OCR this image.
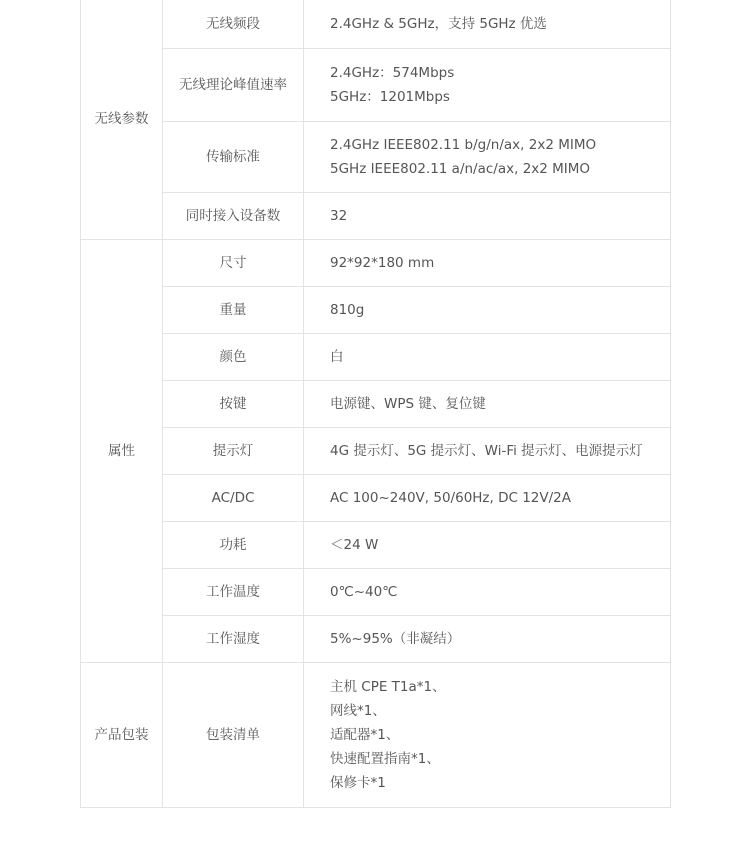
无线参数	无线频段	2.4GHz & 5GHz，支持 5GHz 优选

	无线理论峰值速率	2.4GHz：574Mbps
5GHz：1201Mbps

	传输标准	2.4GHz IEEE802.11 b/g/n/ax, 2x2 MIMO
5GHz IEEE802.11 a/n/ac/ax, 2x2 MIMO

	同时接入设备数	32

属性	尺寸	92*92*180 mm

	重量	810g

	颜色	白

	按键	电源键、WPS 键、复位键

	提示灯	4G 提示灯、5G 提示灯、Wi-Fi 提示灯、电源提示灯

	AC/DC	AC 100~240V, 50/60Hz, DC 12V/2A

	功耗	＜24 W

	工作温度	0℃~40℃

	工作湿度	5%~95%（非凝结）

产品包装	包装清单	主机 CPE T1a*1、
网线*1、
适配器*1、
快速配置指南*1、
保修卡*1
